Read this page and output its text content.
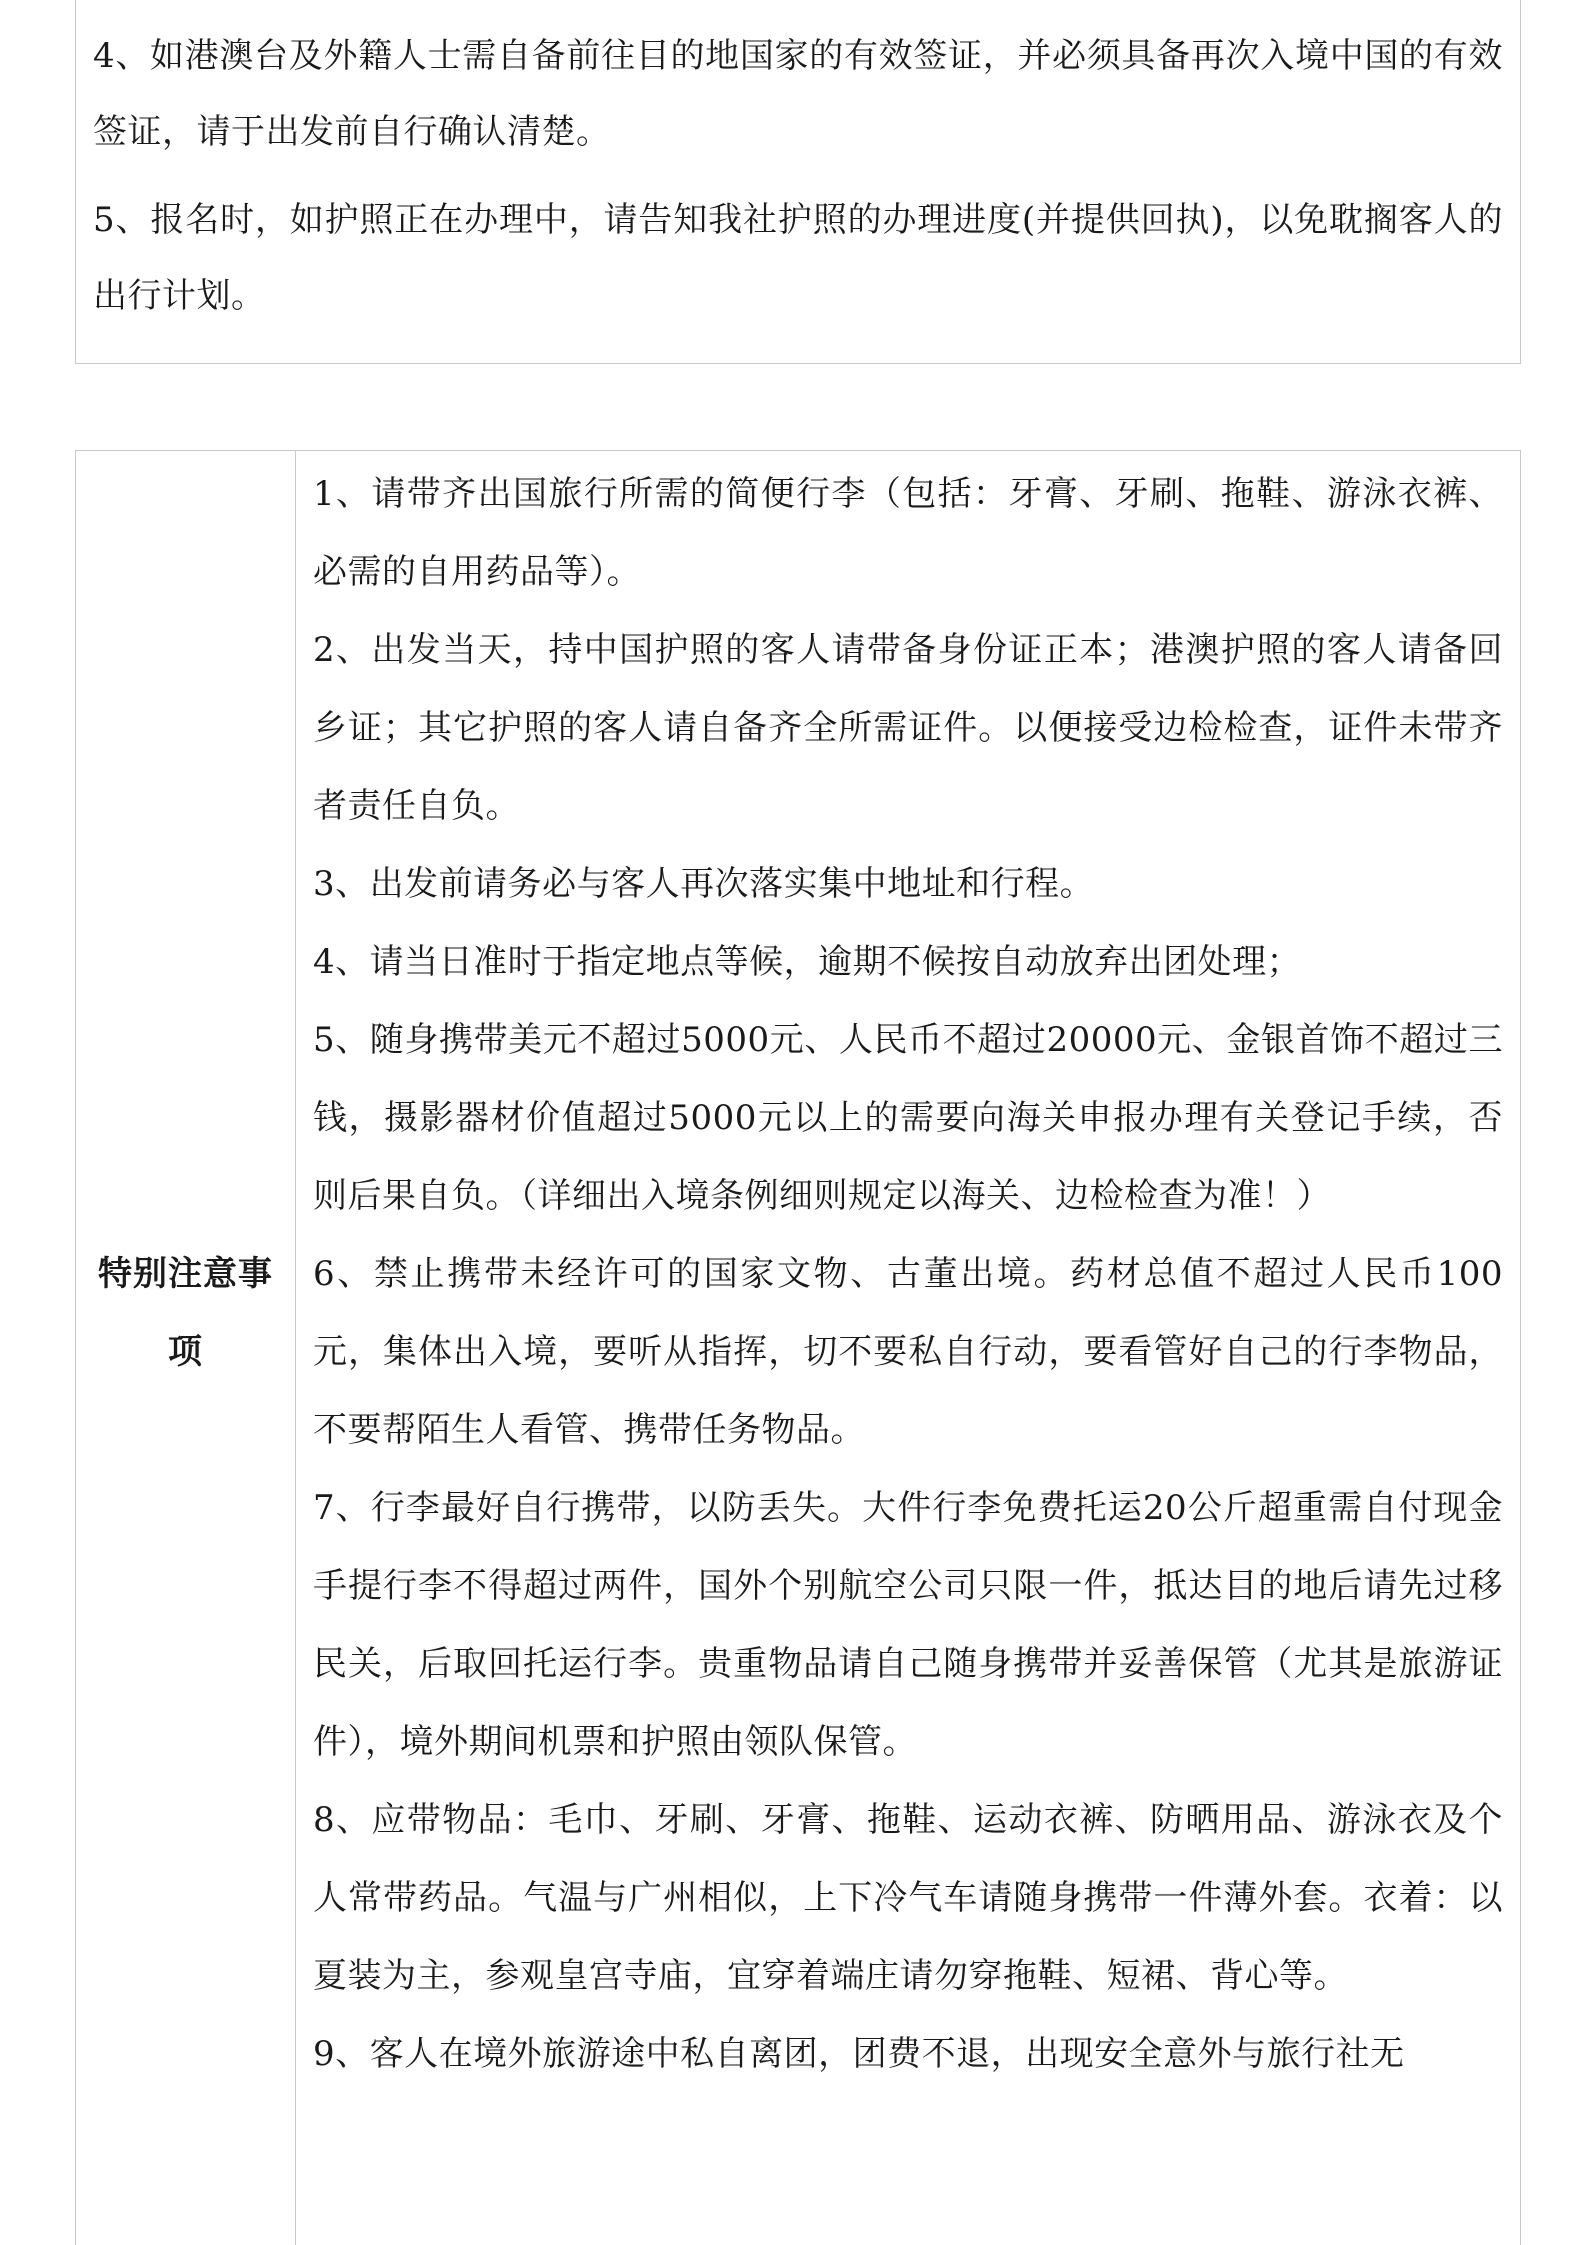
4、如港澳台及外籍人士需自备前往目的地国家的有效签证，并必须具备再次入境中国的有效签证，请于出发前自行确认清楚。

5、报名时，如护照正在办理中，请告知我社护照的办理进度(并提供回执)，以免耽搁客人的出行计划。

特别注意事项

1、请带齐出国旅行所需的简便行李（包括：牙膏、牙刷、拖鞋、游泳衣裤、必需的自用药品等）。

2、出发当天，持中国护照的客人请带备身份证正本；港澳护照的客人请备回乡证；其它护照的客人请自备齐全所需证件。以便接受边检检查，证件未带齐者责任自负。

3、出发前请务必与客人再次落实集中地址和行程。

4、请当日准时于指定地点等候，逾期不候按自动放弃出团处理；

5、随身携带美元不超过5000元、人民币不超过20000元、金银首饰不超过三钱，摄影器材价值超过5000元以上的需要向海关申报办理有关登记手续，否则后果自负。（详细出入境条例细则规定以海关、边检检查为准！）

6、禁止携带未经许可的国家文物、古董出境。药材总值不超过人民币100元，集体出入境，要听从指挥，切不要私自行动，要看管好自己的行李物品，不要帮陌生人看管、携带任务物品。

7、行李最好自行携带，以防丢失。大件行李免费托运20公斤超重需自付现金手提行李不得超过两件，国外个别航空公司只限一件，抵达目的地后请先过移民关，后取回托运行李。贵重物品请自己随身携带并妥善保管（尤其是旅游证件），境外期间机票和护照由领队保管。

8、应带物品：毛巾、牙刷、牙膏、拖鞋、运动衣裤、防晒用品、游泳衣及个人常带药品。气温与广州相似，上下冷气车请随身携带一件薄外套。衣着：以夏装为主，参观皇宫寺庙，宜穿着端庄请勿穿拖鞋、短裙、背心等。

9、客人在境外旅游途中私自离团，团费不退，出现安全意外与旅行社无
